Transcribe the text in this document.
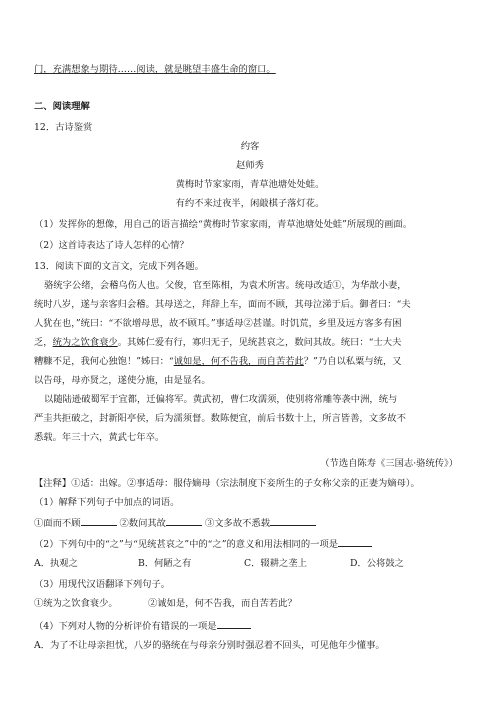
门，充满想象与期待……阅读，就是眺望丰盛生命的窗口。
二、阅读理解
12．古诗鉴赏
约客
赵师秀
黄梅时节家家雨，青草池塘处处蛙。
有约不来过夜半，闲敲棋子落灯花。
（1）发挥你的想像，用自己的语言描绘“黄梅时节家家雨，青草池塘处处蛙”所展现的画面。
（2）这首诗表达了诗人怎样的心情？
13．阅读下面的文言文，完成下列各题。
骆统字公绪，会稽乌伤人也。父俊，官至陈相，为袁术所害。统母改适①，为华歆小妻，
统时八岁，遂与亲客归会稽。其母送之，拜辞上车，面而不顾，其母泣涕于后。御者曰：“夫
人犹在也，”统曰：“不欲增母思，故不顾耳。”事适母②甚谨。时饥荒，乡里及远方客多有困
乏，统为之饮食衰少。其姊仁爱有行，寡归无子，见统甚哀之，数问其故。统曰：“士大夫
糟糠不足，我何心独饱！”姊曰：“诚如是，何不告我，而自苦若此？”乃自以私粟与统，又
以告母，母亦贤之，遂使分施，由是显名。
以随陆逊破蜀军于宜都，迁偏将军。黄武初，曹仁攻濡须，使别将常雕等袭中洲，统与
严圭共拒破之，封新阳亭侯，后为濡须督。数陈便宜，前后书数十上，所言皆善，文多故不
悉载。年三十六，黄武七年卒。
（节选自陈寿《三国志·骆统传》）
【注释】①适：出嫁。②事适母：服侍嫡母（宗法制度下妾所生的子女称父亲的正妻为嫡母）。
（1）解释下列句子中加点的词语。
①面而不顾	②数问其故	③文多故不悉载
（2）下列句中的“之”与“见统甚哀之”中的“之”的意义和用法相同的一项是
A．执观之	B．何陋之有	C．辍耕之垄上	D．公将鼓之
（3）用现代汉语翻译下列句子。
①统为之饮食衰少。	②诚如是，何不告我，而自苦若此？
（4）下列对人物的分析评价有错误的一项是
A．为了不让母亲担忧，八岁的骆统在与母亲分别时强忍着不回头，可见他年少懂事。
